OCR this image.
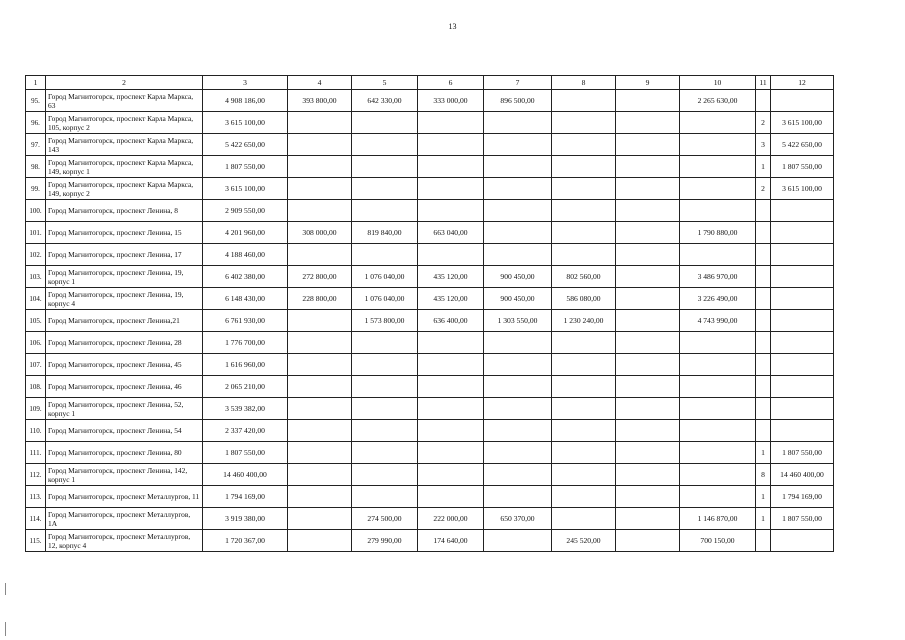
13
1	2	3	4	5	6	7	8	9	10	11	12
95.	Город Магнитогорск, проспект Карла Маркса, 63	4 908 186,00	393 800,00	642 330,00	333 000,00	896 500,00			2 265 630,00		
96.	Город Магнитогорск, проспект Карла Маркса, 105, корпус 2	3 615 100,00								2	3 615 100,00
97.	Город Магнитогорск, проспект Карла Маркса, 143	5 422 650,00								3	5 422 650,00
98.	Город Магнитогорск, проспект Карла Маркса, 149, корпус 1	1 807 550,00								1	1 807 550,00
99.	Город Магнитогорск, проспект Карла Маркса, 149, корпус 2	3 615 100,00								2	3 615 100,00
100.	Город Магнитогорск, проспект Ленина, 8	2 909 550,00									
101.	Город Магнитогорск, проспект Ленина, 15	4 201 960,00	308 000,00	819 840,00	663 040,00				1 790 880,00		
102.	Город Магнитогорск, проспект Ленина, 17	4 188 460,00									
103.	Город Магнитогорск, проспект Ленина, 19, корпус 1	6 402 380,00	272 800,00	1 076 040,00	435 120,00	900 450,00	802 560,00		3 486 970,00		
104.	Город Магнитогорск, проспект Ленина, 19, корпус 4	6 148 430,00	228 800,00	1 076 040,00	435 120,00	900 450,00	586 080,00		3 226 490,00		
105.	Город Магнитогорск, проспект Ленина,21	6 761 930,00		1 573 800,00	636 400,00	1 303 550,00	1 230 240,00		4 743 990,00		
106.	Город Магнитогорск, проспект Ленина, 28	1 776 700,00									
107.	Город Магнитогорск, проспект Ленина, 45	1 616 960,00									
108.	Город Магнитогорск, проспект Ленина, 46	2 065 210,00									
109.	Город Магнитогорск, проспект Ленина, 52, корпус 1	3 539 382,00									
110.	Город Магнитогорск, проспект Ленина, 54	2 337 420,00									
111.	Город Магнитогорск, проспект Ленина, 80	1 807 550,00								1	1 807 550,00
112.	Город Магнитогорск, проспект Ленина, 142, корпус 1	14 460 400,00								8	14 460 400,00
113.	Город Магнитогорск, проспект Металлургов, 11	1 794 169,00								1	1 794 169,00
114.	Город Магнитогорск, проспект Металлургов, 1А	3 919 380,00		274 500,00	222 000,00	650 370,00			1 146 870,00	1	1 807 550,00
115.	Город Магнитогорск, проспект Металлургов, 12, корпус 4	1 720 367,00		279 990,00	174 640,00		245 520,00		700 150,00		
